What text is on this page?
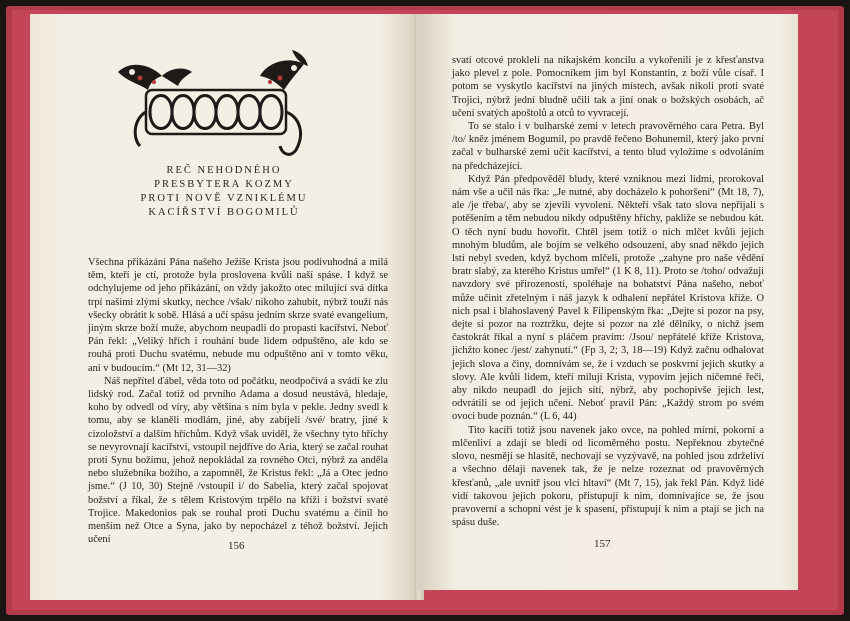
REČ NEHODNÉHO
PRESBYTERA KOZMY
PROTI NOVĚ VZNIKLÉMU
KACÍŘSTVÍ BOGOMILŮ

Všechna přikázání Pána našeho Ježíše Krista jsou podivuhodná a milá těm, kteří je ctí, protože byla proslovena kvůli naší spáse. I když se odchylujeme od jeho přikázání, on vždy jakožto otec milující svá dítka trpí našimi zlými skutky, nechce /však/ nikoho zahubit, nýbrž touží nás všecky obrátit k sobě. Hlásá a učí spásu jedním skrze svaté evangelium, jiným skrze boží muže, abychom neupadli do propasti kacířství. Neboť Pán řekl: „Veliký hřích i rouhání bude lidem odpuštěno, ale kdo se rouhá proti Duchu svatému, nebude mu odpuštěno ani v tomto věku, ani v budoucím.“ (Mt 12, 31—32)

Náš nepřítel ďábel, věda toto od počátku, neodpočívá a svádí ke zlu lidský rod. Začal totiž od prvního Adama a dosud neustává, hledaje, koho by odvedl od víry, aby většina s ním byla v pekle. Jedny svedl k tomu, aby se klaněli modlám, jiné, aby zabíjeli /své/ bratry, jiné k cizoložství a dalším hříchům. Když však uviděl, že všechny tyto hříchy se nevyrovnají kacířství, vstoupil nejdříve do Aria, který se začal rouhat proti Synu božímu, jehož nepokládal za rovného Otci, nýbrž za anděla nebo služebníka božího, a zapomněl, že Kristus řekl: „Já a Otec jedno jsme.“ (J 10, 30) Stejně /vstoupil i/ do Sabelia, který začal spojovat božství a říkal, že s tělem Kristovým trpělo na kříži i božství svaté Trojice. Makedonios pak se rouhal proti Duchu svatému a činil ho menším než Otce a Syna, jako by nepocházel z téhož božství. Jejich učení

156

svatí otcové proklelí na nikajském koncilu a vykořenili je z křesťanstva jako plevel z pole. Pomocníkem jim byl Konstantin, z boží vůle císař. I potom se vyskytlo kacířství na jiných místech, avšak nikoli proti svaté Trojici, nýbrž jední bludně učili tak a jiní onak o božských osobách, ač učení svatých apoštolů a otců to vyvracejí.

To se stalo i v bulharské zemi v letech pravověrného cara Petra. Byl /to/ kněz jménem Bogumil, po pravdě řečeno Bohunemil, který jako první začal v bulharské zemi učit kacířství, a tento blud vyložíme s odvoláním na předcházející.

Když Pán předpověděl bludy, které vzniknou mezi lidmi, prorokoval nám vše a učil nás řka: „Je nutné, aby docházelo k pohoršení“ (Mt 18, 7), ale /je třeba/, aby se zjevili vyvolení. Někteří však tato slova nepřijali s potěšením a těm nebudou nikdy odpuštěny hříchy, pakliže se nebudou kát. O těch nyní budu hovořit. Chtěl jsem totiž o nich mlčet kvůli jejich mnohým bludům, ale bojím se velkého odsouzení, aby snad někdo jejich lstí nebyl sveden, když bychom mlčeli, protože „zahyne pro naše vědění bratr slabý, za kterého Kristus umřel“ (1 K 8, 11). Proto se /toho/ odvažuji navzdory své přirozenosti, spoléhaje na bohatství Pána našeho, neboť může učinit zřetelným i náš jazyk k odhalení nepřátel Kristova kříže. O nich psal i blahoslavený Pavel k Filipenským řka: „Dejte si pozor na psy, dejte si pozor na roztržku, dejte si pozor na zlé dělníky, o nichž jsem častokrát říkal a nyní s pláčem pravím: /Jsou/ nepřátelé kříže Kristova, jichžto konec /jest/ zahynutí.“ (Fp 3, 2; 3, 18—19) Když začnu odhalovat jejich slova a činy, domnívám se, že i vzduch se poskvrní jejich skutky a slovy. Ale kvůli lidem, kteří milují Krista, vypovím jejich ničemné řeči, aby nikdo neupadl do jejich sítí, nýbrž, aby pochopivše jejich lest, odvrátili se od jejich učení. Neboť pravil Pán: „Každý strom po svém ovoci bude poznán.“ (L 6, 44)

Tito kacíři totiž jsou navenek jako ovce, na pohled mírní, pokorní a mlčenliví a zdají se bledí od licoměrného postu. Nepřeknou zbytečné slovo, nesmějí se hlasitě, nechovají se vyzývavě, na pohled jsou zdrželiví a všechno dělají navenek tak, že je nelze rozeznat od pravověrných křesťanů, „ale uvnitř jsou vlci hltaví“ (Mt 7, 15), jak řekl Pán. Když lidé vidí takovou jejich pokoru, přistupují k nim, domnívajíce se, že jsou pravoverní a schopni vést je k spasení, přistupují k nim a ptají se jich na spásu duše.

157
